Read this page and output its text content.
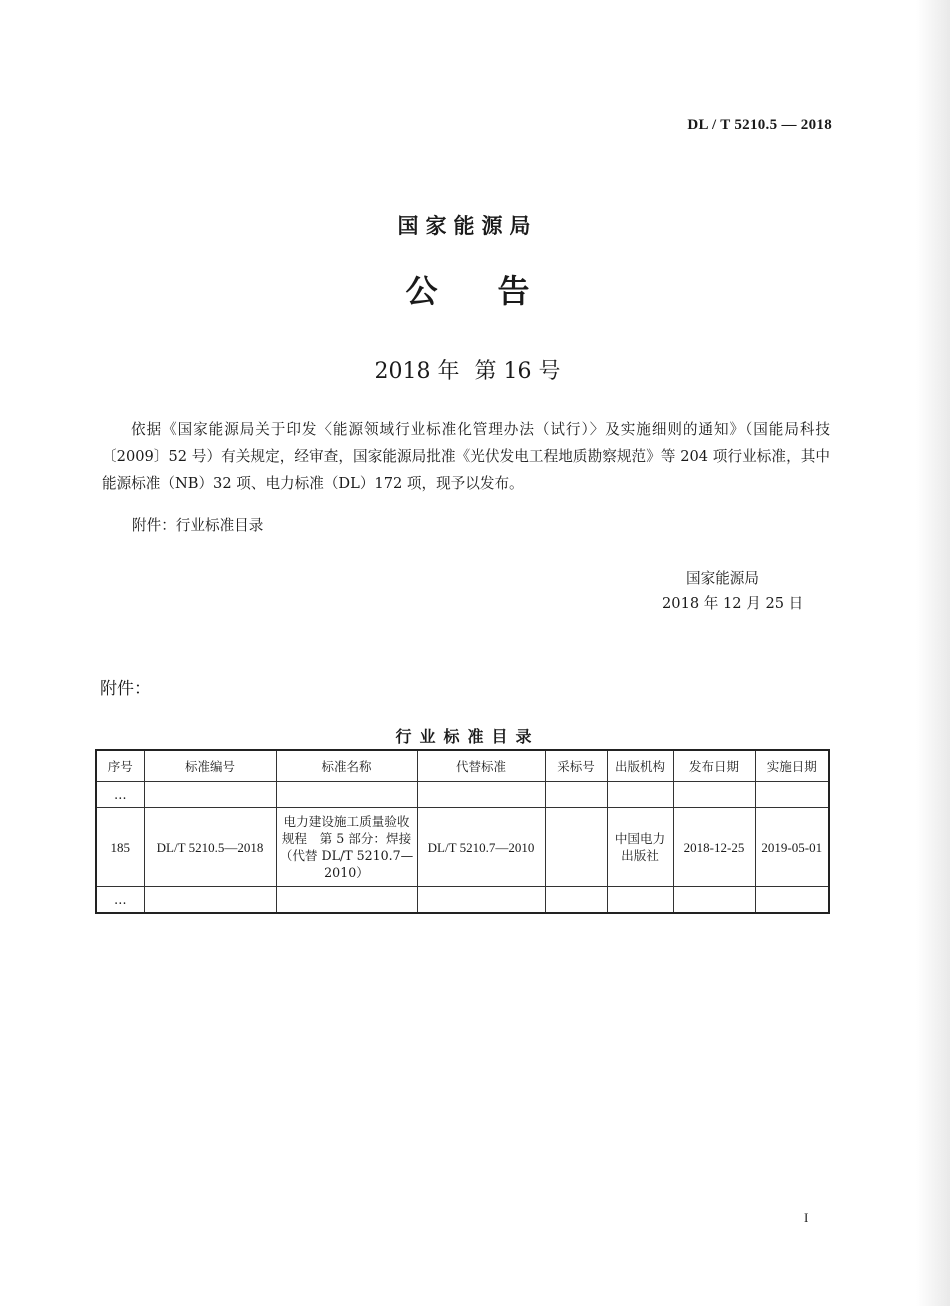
DL / T 5210.5 — 2018
国家能源局
公告
2018 年 第 16 号
依据《国家能源局关于印发〈能源领域行业标准化管理办法（试行）〉及实施细则的通知》（国能局科技〔2009〕52 号）有关规定，经审查，国家能源局批准《光伏发电工程地质勘察规范》等 204 项行业标准，其中能源标准（NB）32 项、电力标准（DL）172 项，现予以发布。
附件：行业标准目录
国家能源局
2018 年 12 月 25 日
附件：
行业标准目录
序号	标准编号	标准名称	代替标准	采标号	出版机构	发布日期	实施日期
…							
185	DL/T 5210.5—2018	电力建设施工质量验收规程　第 5 部分：焊接（代替 DL/T 5210.7—2010）	DL/T 5210.7—2010		中国电力出版社	2018-12-25	2019-05-01
…							
I
